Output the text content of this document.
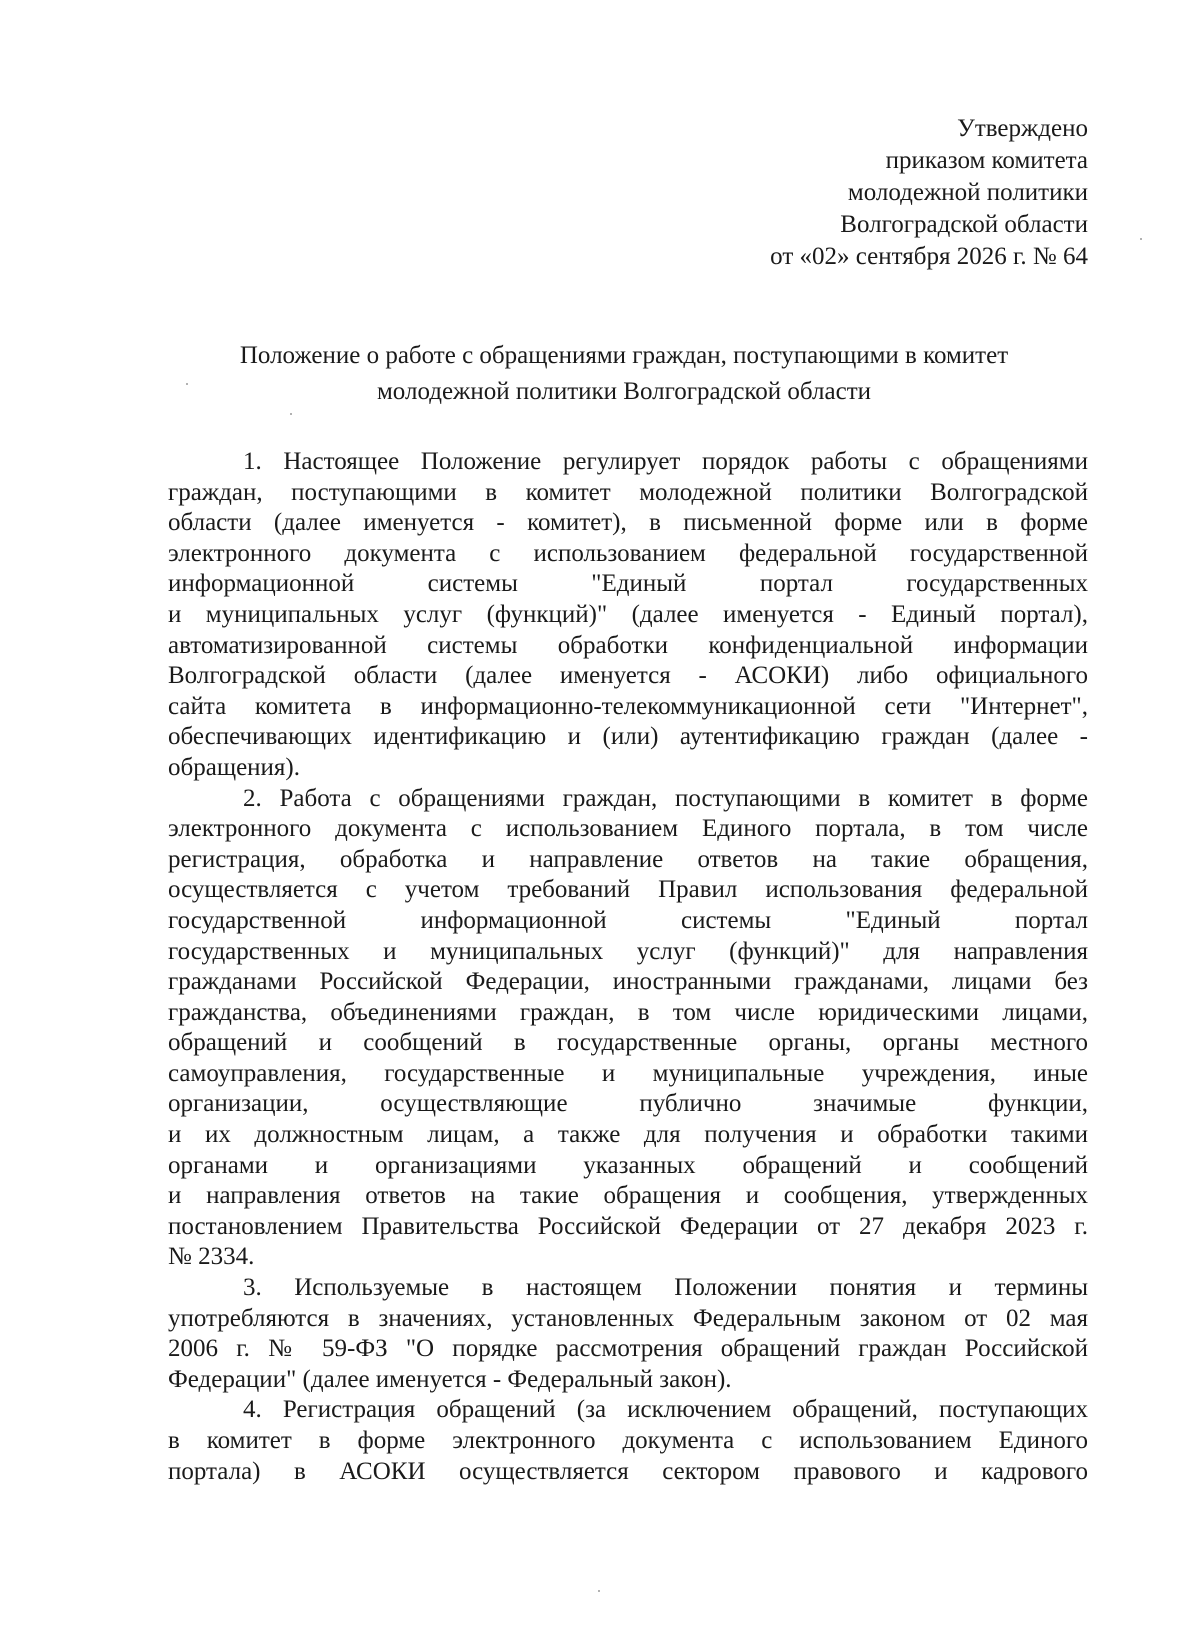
Утверждено
приказом комитета
молодежной политики
Волгоградской области
от «02» сентября 2026 г. № 64
Положение о работе с обращениями граждан, поступающими в комитет
молодежной политики Волгоградской области
1. Настоящее Положение регулирует порядок работы с обращениями
граждан, поступающими в комитет молодежной политики Волгоградской
области (далее именуется - комитет), в письменной форме или в форме
электронного документа с использованием федеральной государственной
информационной системы "Единый портал государственных
и муниципальных услуг (функций)" (далее именуется - Единый портал),
автоматизированной системы обработки конфиденциальной информации
Волгоградской области (далее именуется - АСОКИ) либо официального
сайта комитета в информационно-телекоммуникационной сети "Интернет",
обеспечивающих идентификацию и (или) аутентификацию граждан (далее -
обращения).
2. Работа с обращениями граждан, поступающими в комитет в форме
электронного документа с использованием Единого портала, в том числе
регистрация, обработка и направление ответов на такие обращения,
осуществляется с учетом требований Правил использования федеральной
государственной информационной системы "Единый портал
государственных и муниципальных услуг (функций)" для направления
гражданами Российской Федерации, иностранными гражданами, лицами без
гражданства, объединениями граждан, в том числе юридическими лицами,
обращений и сообщений в государственные органы, органы местного
самоуправления, государственные и муниципальные учреждения, иные
организации, осуществляющие публично значимые функции,
и их должностным лицам, а также для получения и обработки такими
органами и организациями указанных обращений и сообщений
и направления ответов на такие обращения и сообщения, утвержденных
постановлением Правительства Российской Федерации от 27 декабря 2023 г.
№ 2334.
3. Используемые в настоящем Положении понятия и термины
употребляются в значениях, установленных Федеральным законом от 02 мая
2006 г. № 59-ФЗ "О порядке рассмотрения обращений граждан Российской
Федерации" (далее именуется - Федеральный закон).
4. Регистрация обращений (за исключением обращений, поступающих
в комитет в форме электронного документа с использованием Единого
портала) в АСОКИ осуществляется сектором правового и кадрового
